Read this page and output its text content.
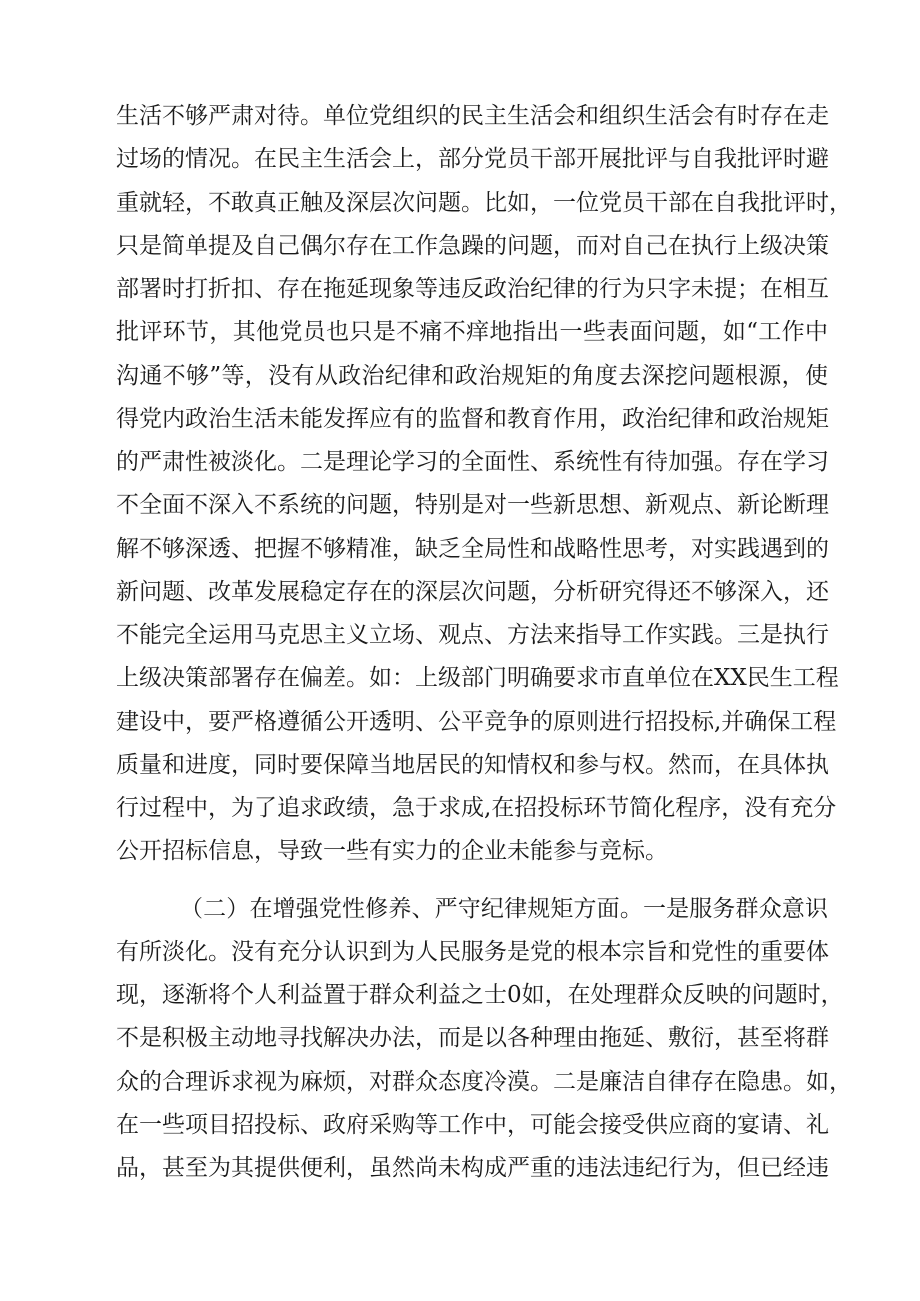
生活不够严肃对待。单位党组织的民主生活会和组织生活会有时存在走
过场的情况。在民主生活会上，部分党员干部开展批评与自我批评时避
重就轻，不敢真正触及深层次问题。比如，一位党员干部在自我批评时，
只是简单提及自己偶尔存在工作急躁的问题，而对自己在执行上级决策
部署时打折扣、存在拖延现象等违反政治纪律的行为只字未提；在相互
批评环节，其他党员也只是不痛不痒地指出一些表面问题，如“工作中
沟通不够”等，没有从政治纪律和政治规矩的角度去深挖问题根源，使
得党内政治生活未能发挥应有的监督和教育作用，政治纪律和政治规矩
的严肃性被淡化。二是理论学习的全面性、系统性有待加强。存在学习
不全面不深入不系统的问题，特别是对一些新思想、新观点、新论断理
解不够深透、把握不够精准，缺乏全局性和战略性思考，对实践遇到的
新问题、改革发展稳定存在的深层次问题，分析研究得还不够深入，还
不能完全运用马克思主义立场、观点、方法来指导工作实践。三是执行
上级决策部署存在偏差。如：上级部门明确要求市直单位在XX民生工程
建设中，要严格遵循公开透明、公平竞争的原则进行招投标,并确保工程
质量和进度，同时要保障当地居民的知情权和参与权。然而，在具体执
行过程中，为了追求政绩，急于求成,在招投标环节简化程序，没有充分
公开招标信息，导致一些有实力的企业未能参与竞标。
（二）在增强党性修养、严守纪律规矩方面。一是服务群众意识
有所淡化。没有充分认识到为人民服务是党的根本宗旨和党性的重要体
现，逐渐将个人利益置于群众利益之士0如，在处理群众反映的问题时，
不是积极主动地寻找解决办法，而是以各种理由拖延、敷衍，甚至将群
众的合理诉求视为麻烦，对群众态度冷漠。二是廉洁自律存在隐患。如，
在一些项目招投标、政府采购等工作中，可能会接受供应商的宴请、礼
品，甚至为其提供便利，虽然尚未构成严重的违法违纪行为，但已经违
